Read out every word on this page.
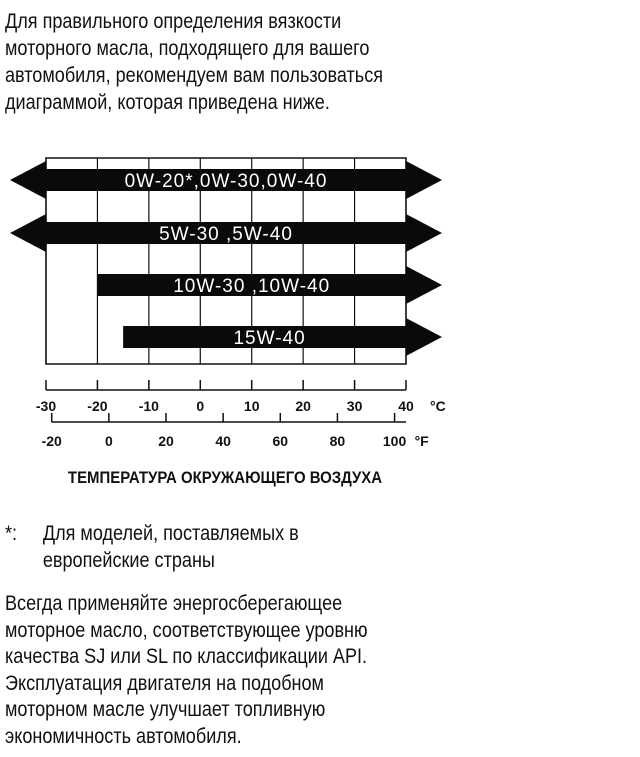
Для правильного определения вязкости
моторного масла, подходящего для вашего
автомобиля, рекомендуем вам пользоваться
диаграммой, которая приведена ниже.
0W-20*,0W-30,0W-40
5W-30 ,5W-40
10W-30 ,10W-40
15W-40
-30 -20 -10	0	10	20	30	40 °C
-20	0	20	40	60	80	100 °F
ТЕМПЕРАТУРА ОКРУЖАЮЩЕГО ВОЗДУХА
*: Для моделей, поставляемых в
европейские страны
Всегда применяйте энергосберегающее
моторное масло, соответствующее уровню
качества SJ или SL по классификации API.
Эксплуатация двигателя на подобном
моторном масле улучшает топливную
экономичность автомобиля.
